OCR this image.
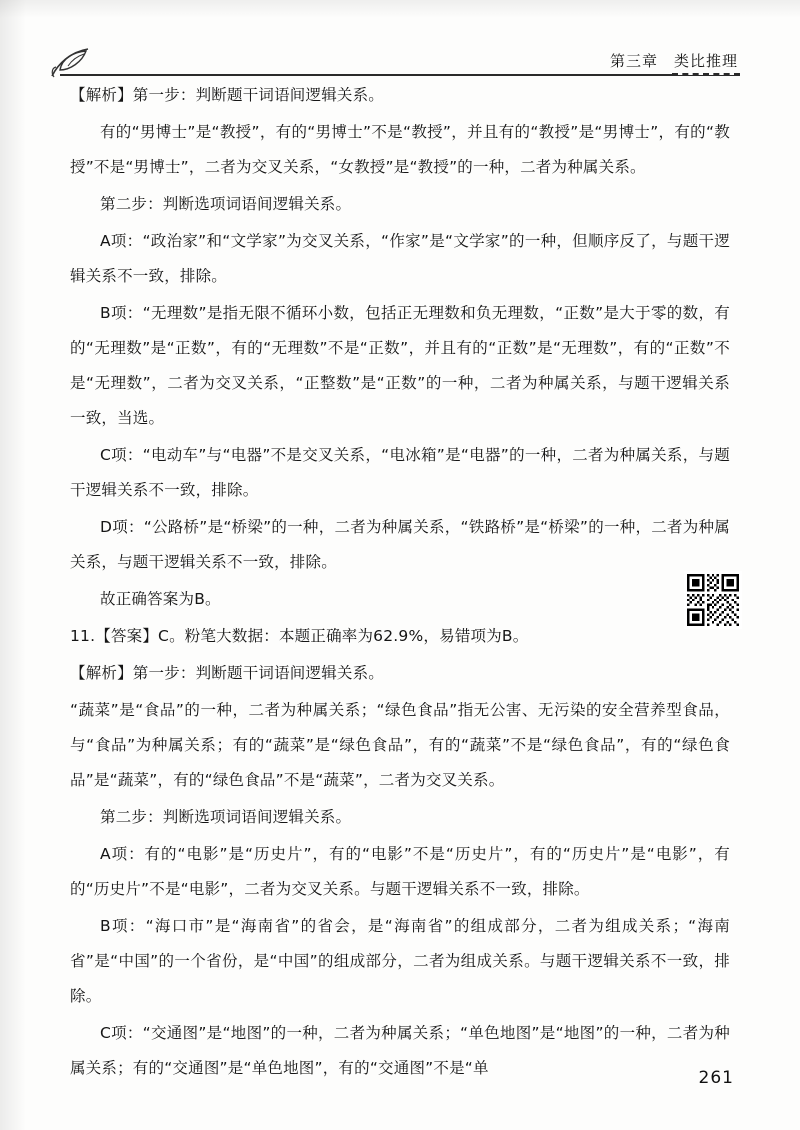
第三章 类比推理

【解析】第一步：判断题干词语间逻辑关系。

有的“男博士”是“教授”，有的“男博士”不是“教授”，并且有的“教授”是“男博士”，有的“教授”不是“男博士”，二者为交叉关系，“女教授”是“教授”的一种，二者为种属关系。

第二步：判断选项词语间逻辑关系。

A项：“政治家”和“文学家”为交叉关系，“作家”是“文学家”的一种，但顺序反了，与题干逻辑关系不一致，排除。

B项：“无理数”是指无限不循环小数，包括正无理数和负无理数，“正数”是大于零的数，有的“无理数”是“正数”，有的“无理数”不是“正数”，并且有的“正数”是“无理数”，有的“正数”不是“无理数”，二者为交叉关系，“正整数”是“正数”的一种，二者为种属关系，与题干逻辑关系一致，当选。

C项：“电动车”与“电器”不是交叉关系，“电冰箱”是“电器”的一种，二者为种属关系，与题干逻辑关系不一致，排除。

D项：“公路桥”是“桥梁”的一种，二者为种属关系，“铁路桥”是“桥梁”的一种，二者为种属关系，与题干逻辑关系不一致，排除。

故正确答案为B。

11.【答案】C。粉笔大数据：本题正确率为62.9%，易错项为B。

【解析】第一步：判断题干词语间逻辑关系。

“蔬菜”是“食品”的一种，二者为种属关系；“绿色食品”指无公害、无污染的安全营养型食品，与“食品”为种属关系；有的“蔬菜”是“绿色食品”，有的“蔬菜”不是“绿色食品”，有的“绿色食品”是“蔬菜”，有的“绿色食品”不是“蔬菜”，二者为交叉关系。

第二步：判断选项词语间逻辑关系。

A项：有的“电影”是“历史片”，有的“电影”不是“历史片”，有的“历史片”是“电影”，有的“历史片”不是“电影”，二者为交叉关系。与题干逻辑关系不一致，排除。

B项：“海口市”是“海南省”的省会，是“海南省”的组成部分，二者为组成关系；“海南省”是“中国”的一个省份，是“中国”的组成部分，二者为组成关系。与题干逻辑关系不一致，排除。

C项：“交通图”是“地图”的一种，二者为种属关系；“单色地图”是“地图”的一种，二者为种属关系；有的“交通图”是“单色地图”，有的“交通图”不是“单	261
